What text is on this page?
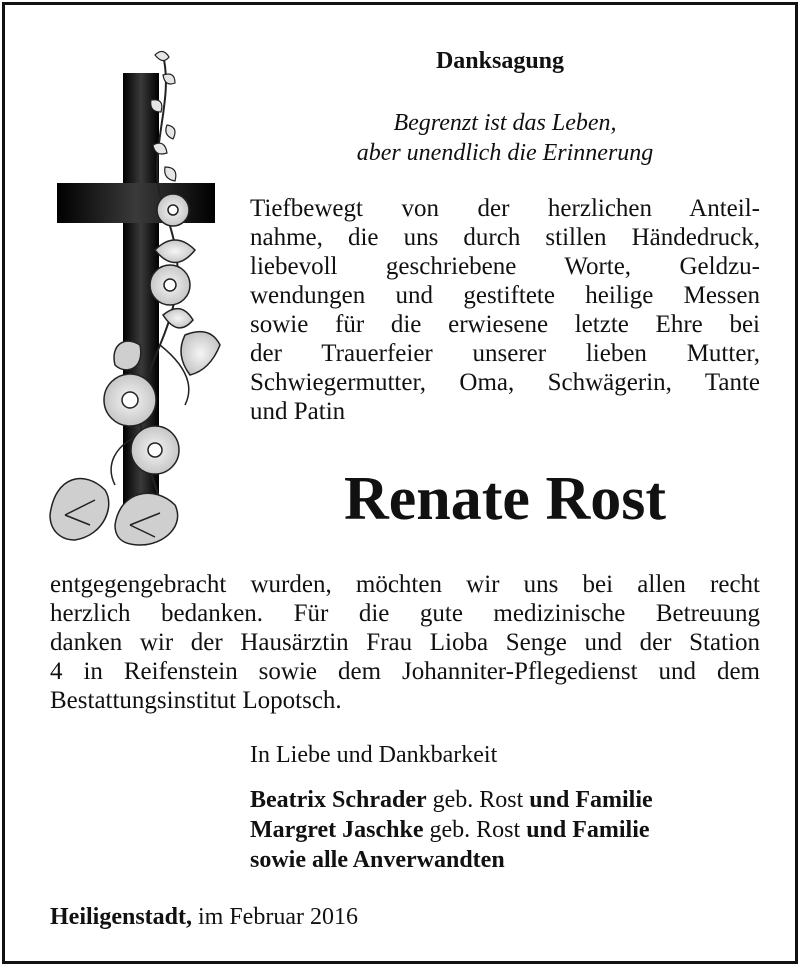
Danksagung
Begrenzt ist das Leben,
aber unendlich die Erinnerung
Tiefbewegt von der herzlichen Anteil-
nahme, die uns durch stillen Händedruck,
liebevoll geschriebene Worte, Geldzu-
wendungen und gestiftete heilige Messen
sowie für die erwiesene letzte Ehre bei
der Trauerfeier unserer lieben Mutter,
Schwiegermutter, Oma, Schwägerin, Tante
und Patin
Renate Rost
entgegengebracht wurden, möchten wir uns bei allen recht
herzlich bedanken. Für die gute medizinische Betreuung
danken wir der Hausärztin Frau Lioba Senge und der Station
4 in Reifenstein sowie dem Johanniter-Pflegedienst und dem
Bestattungsinstitut Lopotsch.
In Liebe und Dankbarkeit
Beatrix Schrader geb. Rost und Familie
Margret Jaschke geb. Rost und Familie
sowie alle Anverwandten
Heiligenstadt, im Februar 2016
